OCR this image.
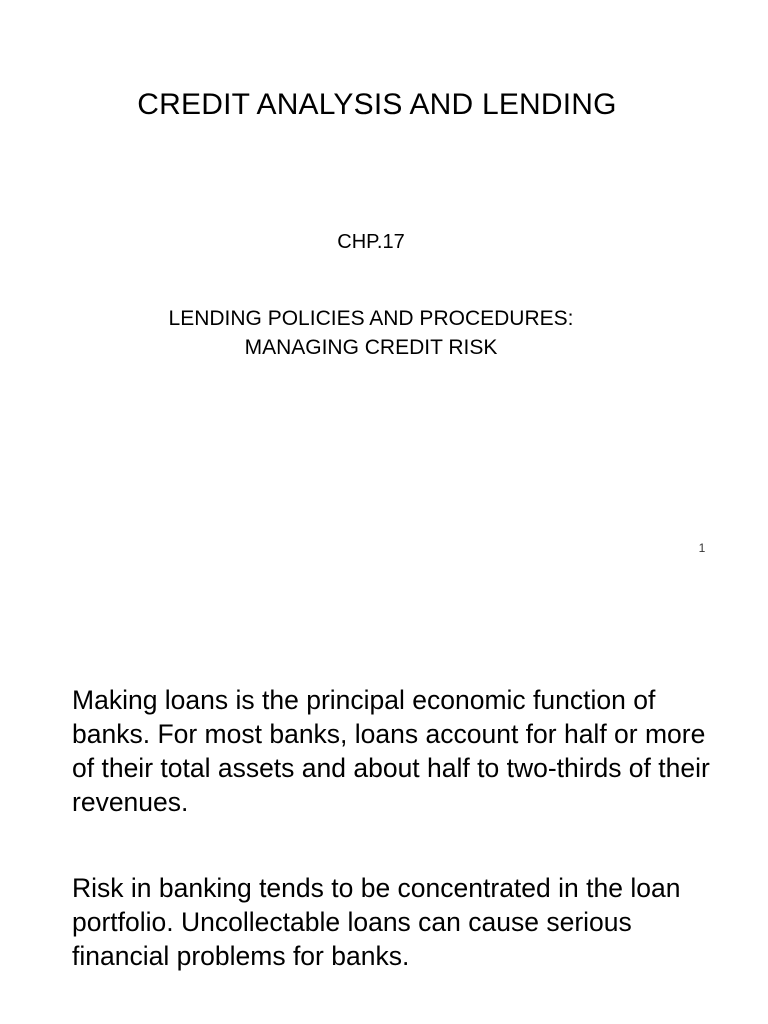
CREDIT ANALYSIS AND LENDING
CHP.17
LENDING POLICIES AND PROCEDURES:
MANAGING CREDIT RISK
1

Making loans is the principal economic function of banks. For most banks, loans account for half or more of their total assets and about half to two-thirds of their revenues.

Risk in banking tends to be concentrated in the loan portfolio. Uncollectable loans can cause serious financial problems for banks.
